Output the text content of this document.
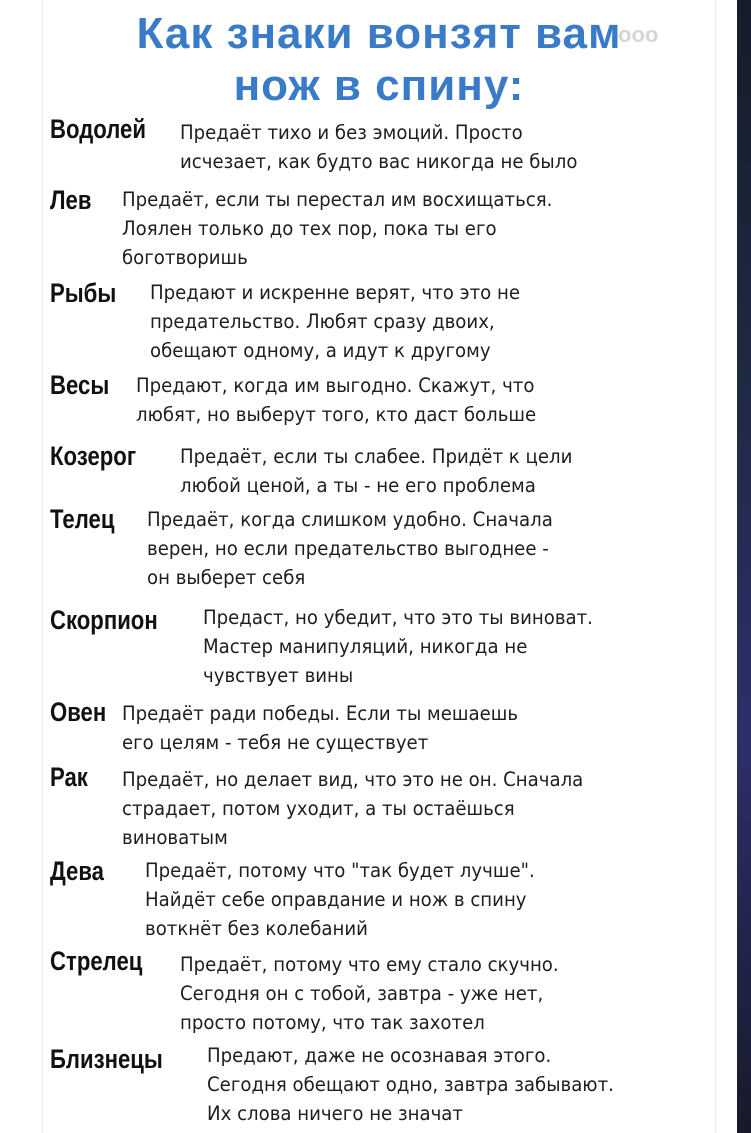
Как знаки вонзят вам
нож в спину:
ooo
Водолей Предаёт тихо и без эмоций. Просто
исчезает, как будто вас никогда не было
Лев Предаёт, если ты перестал им восхищаться.
Лоялен только до тех пор, пока ты его
боготворишь
Рыбы Предают и искренне верят, что это не
предательство. Любят сразу двоих,
обещают одному, а идут к другому
Весы Предают, когда им выгодно. Скажут, что
любят, но выберут того, кто даст больше
Козерог Предаёт, если ты слабее. Придёт к цели
любой ценой, а ты - не его проблема
Телец Предаёт, когда слишком удобно. Сначала
верен, но если предательство выгоднее -
он выберет себя
Скорпион Предаст, но убедит, что это ты виноват.
Мастер манипуляций, никогда не
чувствует вины
Овен Предаёт ради победы. Если ты мешаешь
его целям - тебя не существует
Рак Предаёт, но делает вид, что это не он. Сначала
страдает, потом уходит, а ты остаёшься
виноватым
Дева Предаёт, потому что "так будет лучше".
Найдёт себе оправдание и нож в спину
воткнёт без колебаний
Стрелец Предаёт, потому что ему стало скучно.
Сегодня он с тобой, завтра - уже нет,
просто потому, что так захотел
Близнецы Предают, даже не осознавая этого.
Сегодня обещают одно, завтра забывают.
Их слова ничего не значат
